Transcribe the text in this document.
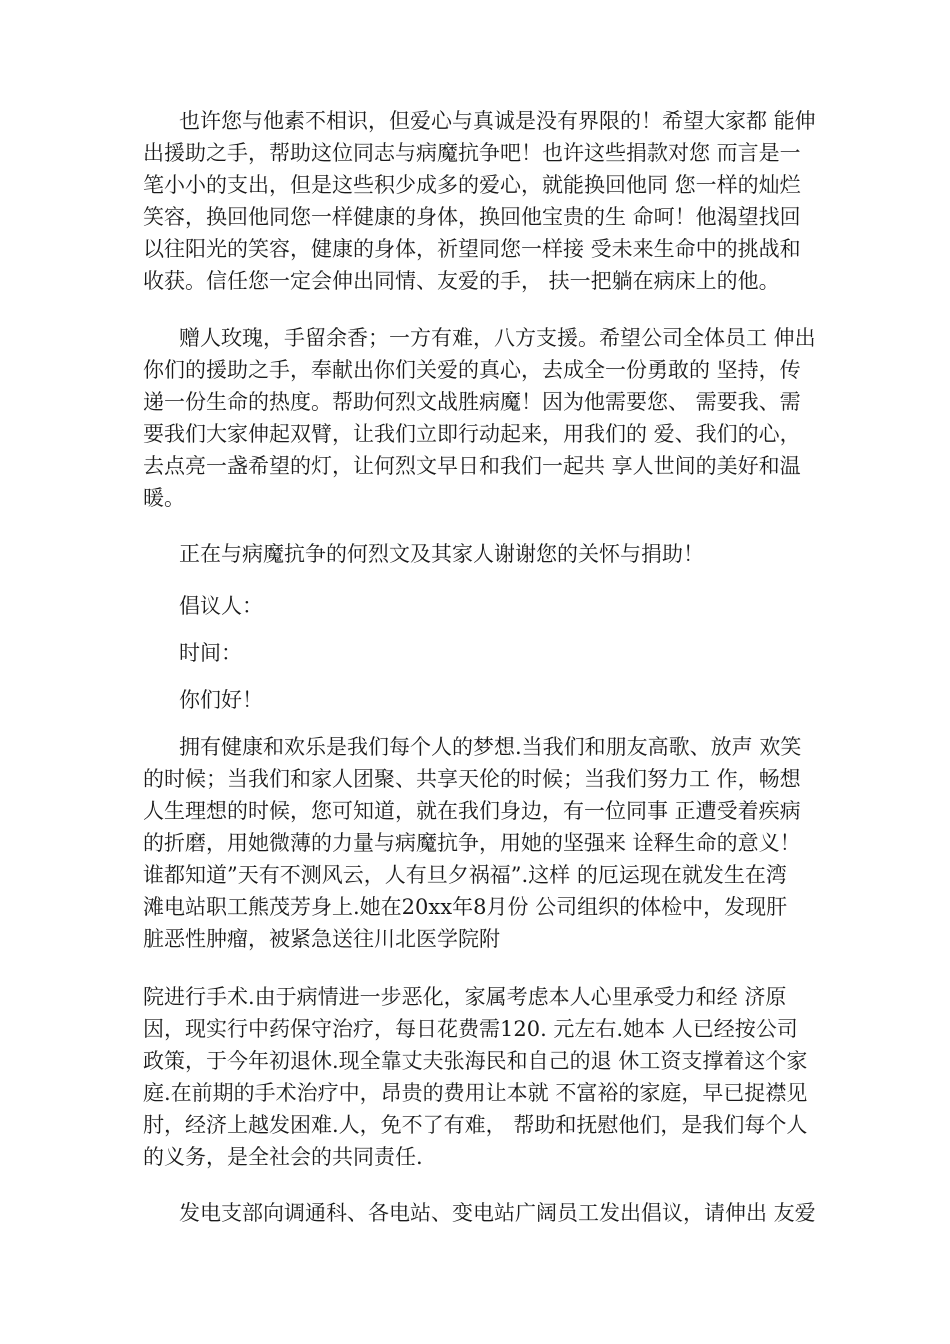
也许您与他素不相识，但爱心与真诚是没有界限的！希望大家都 能伸
出援助之手，帮助这位同志与病魔抗争吧！也许这些捐款对您 而言是一
笔小小的支出，但是这些积少成多的爱心，就能换回他同 您一样的灿烂
笑容，换回他同您一样健康的身体，换回他宝贵的生 命呵！他渴望找回
以往阳光的笑容，健康的身体，祈望同您一样接 受未来生命中的挑战和
收获。信任您一定会伸出同情、友爱的手， 扶一把躺在病床上的他。
赠人玫瑰，手留余香；一方有难，八方支援。希望公司全体员工 伸出
你们的援助之手，奉献出你们关爱的真心，去成全一份勇敢的 坚持，传
递一份生命的热度。帮助何烈文战胜病魔！因为他需要您、 需要我、需
要我们大家伸起双臂，让我们立即行动起来，用我们的 爱、我们的心，
去点亮一盏希望的灯，让何烈文早日和我们一起共 享人世间的美好和温
暖。
正在与病魔抗争的何烈文及其家人谢谢您的关怀与捐助！
倡议人：
时间：
你们好！
拥有健康和欢乐是我们每个人的梦想.当我们和朋友高歌、放声 欢笑
的时候；当我们和家人团聚、共享天伦的时候；当我们努力工 作，畅想
人生理想的时候，您可知道，就在我们身边，有一位同事 正遭受着疾病
的折磨，用她微薄的力量与病魔抗争，用她的坚强来 诠释生命的意义！
谁都知道”天有不测风云，人有旦夕祸福”.这样 的厄运现在就发生在湾
滩电站职工熊茂芳身上.她在20xx年8月份 公司组织的体检中，发现肝
脏恶性肿瘤，被紧急送往川北医学院附
院进行手术.由于病情进一步恶化，家属考虑本人心里承受力和经 济原
因，现实行中药保守治疗，每日花费需120. 元左右.她本 人已经按公司
政策，于今年初退休.现全靠丈夫张海民和自己的退 休工资支撑着这个家
庭.在前期的手术治疗中，昂贵的费用让本就 不富裕的家庭，早已捉襟见
肘，经济上越发困难.人，免不了有难， 帮助和抚慰他们，是我们每个人
的义务，是全社会的共同责任.
发电支部向调通科、各电站、变电站广阔员工发出倡议，请伸出 友爱
